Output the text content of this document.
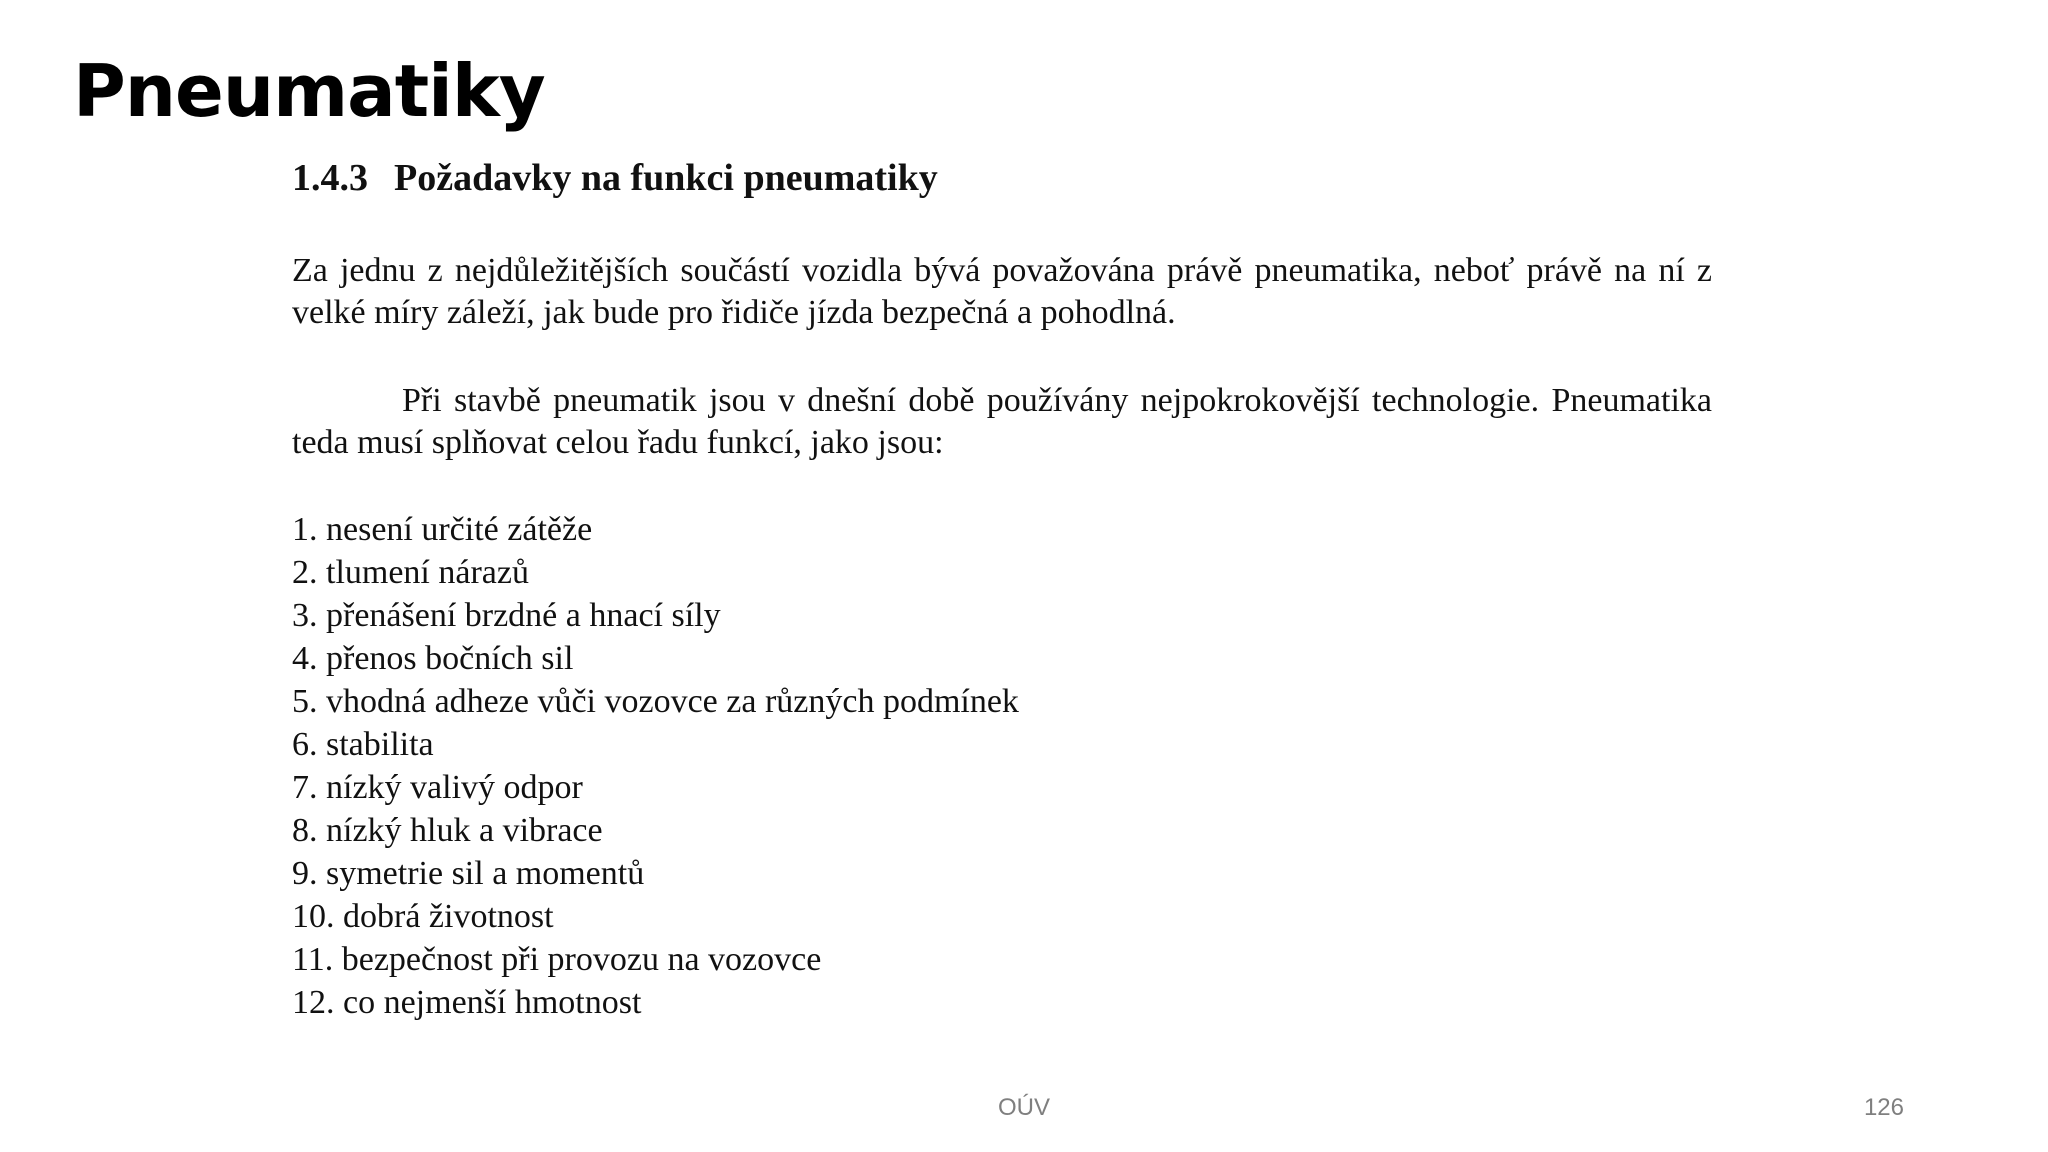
Pneumatiky
1.4.3 Požadavky na funkci pneumatiky

Za jednu z nejdůležitějších součástí vozidla bývá považována právě pneumatika, neboť právě na ní z velké míry záleží, jak bude pro řidiče jízda bezpečná a pohodlná.

Při stavbě pneumatik jsou v dnešní době používány nejpokrokovější technologie. Pneumatika teda musí splňovat celou řadu funkcí, jako jsou:

1. nesení určité zátěže
2. tlumení nárazů
3. přenášení brzdné a hnací síly
4. přenos bočních sil
5. vhodná adheze vůči vozovce za různých podmínek
6. stabilita
7. nízký valivý odpor
8. nízký hluk a vibrace
9. symetrie sil a momentů
10. dobrá životnost
11. bezpečnost při provozu na vozovce
12. co nejmenší hmotnost
OÚV	126
